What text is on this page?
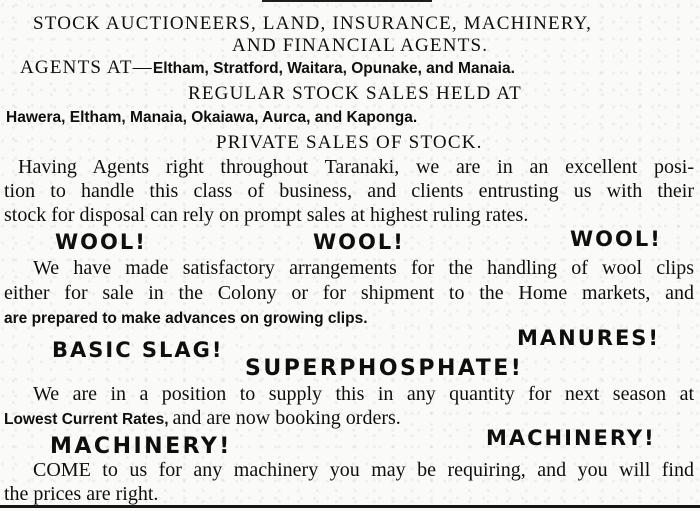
STOCK AUCTIONEERS, LAND, INSURANCE, MACHINERY,
AND FINANCIAL AGENTS.
AGENTS AT—Eltham, Stratford, Waitara, Opunake, and Manaia.
REGULAR STOCK SALES HELD AT
Hawera, Eltham, Manaia, Okaiawa, Aurca, and Kaponga.
PRIVATE SALES OF STOCK.
Having Agents right throughout Taranaki, we are in an excellent posi-
tion to handle this class of business, and clients entrusting us with their
stock for disposal can rely on prompt sales at highest ruling rates.
WOOL!	WOOL!	WOOL!
We have made satisfactory arrangements for the handling of wool clips
either for sale in the Colony or for shipment to the Home markets, and
are prepared to make advances on growing clips.
BASIC SLAG!	MANURES!
SUPERPHOSPHATE!
We are in a position to supply this in any quantity for next season at
Lowest Current Rates, and are now booking orders.
MACHINERY!	MACHINERY!
COME to us for any machinery you may be requiring, and you will find
the prices are right.
